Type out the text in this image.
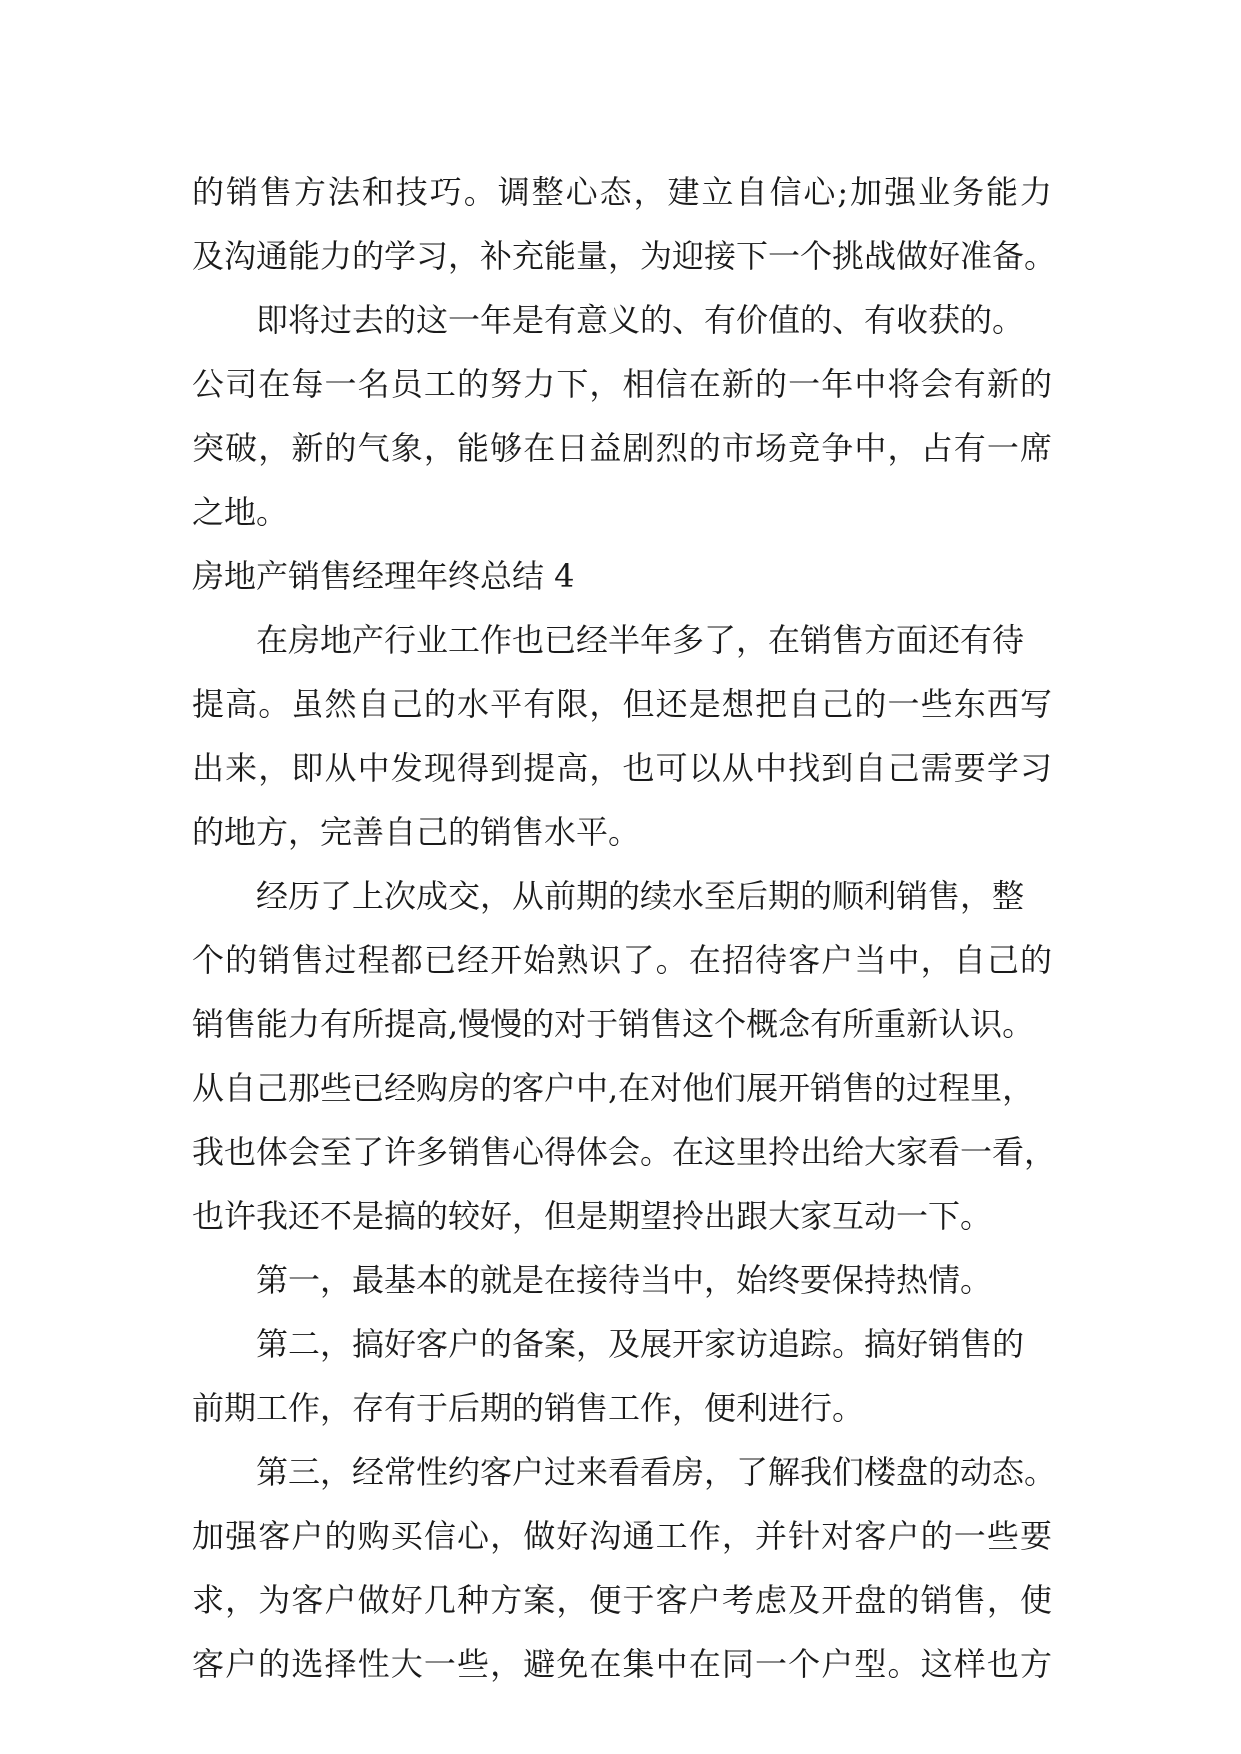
的销售方法和技巧。调整心态，建立自信心;加强业务能力
及沟通能力的学习，补充能量，为迎接下一个挑战做好准备。
即将过去的这一年是有意义的、有价值的、有收获的。
公司在每一名员工的努力下，相信在新的一年中将会有新的
突破，新的气象，能够在日益剧烈的市场竞争中，占有一席
之地。
房地产销售经理年终总结 4
在房地产行业工作也已经半年多了，在销售方面还有待
提高。虽然自己的水平有限，但还是想把自己的一些东西写
出来，即从中发现得到提高，也可以从中找到自己需要学习
的地方，完善自己的销售水平。
经历了上次成交，从前期的续水至后期的顺利销售，整
个的销售过程都已经开始熟识了。在招待客户当中，自己的
销售能力有所提高,慢慢的对于销售这个概念有所重新认识。
从自己那些已经购房的客户中,在对他们展开销售的过程里，
我也体会至了许多销售心得体会。在这里拎出给大家看一看，
也许我还不是搞的较好，但是期望拎出跟大家互动一下。
第一，最基本的就是在接待当中，始终要保持热情。
第二，搞好客户的备案，及展开家访追踪。搞好销售的
前期工作，存有于后期的销售工作，便利进行。
第三，经常性约客户过来看看房，了解我们楼盘的动态。
加强客户的购买信心，做好沟通工作，并针对客户的一些要
求，为客户做好几种方案，便于客户考虑及开盘的销售，使
客户的选择性大一些，避免在集中在同一个户型。这样也方
